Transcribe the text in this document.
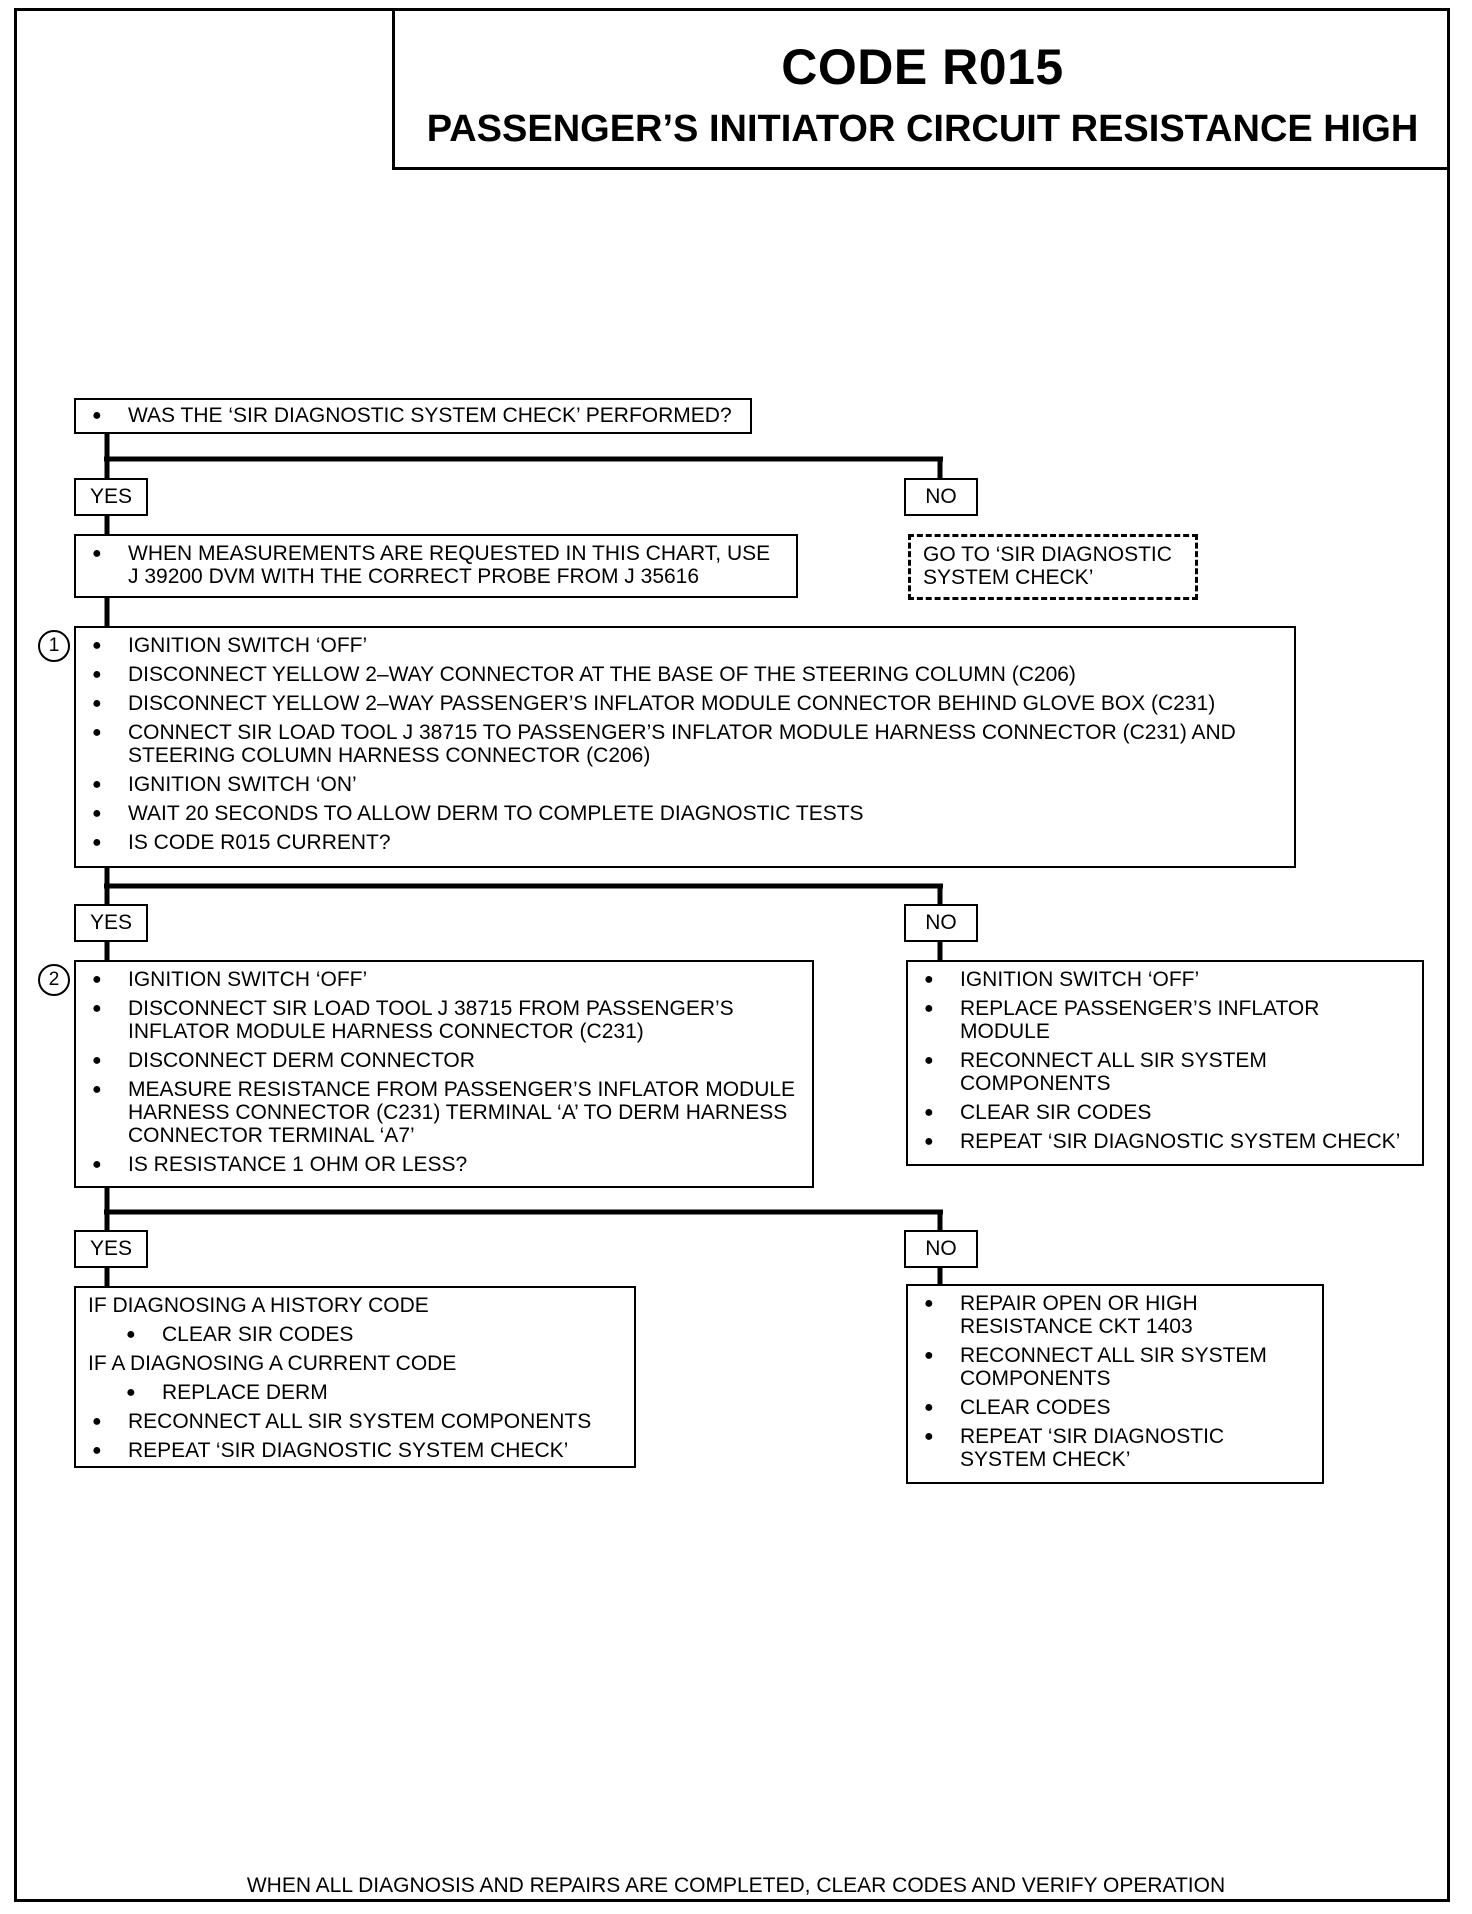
CODE R015
PASSENGER’S INITIATOR CIRCUIT RESISTANCE HIGH
● WAS THE ‘SIR DIAGNOSTIC SYSTEM CHECK’ PERFORMED?
YES	NO
● WHEN MEASUREMENTS ARE REQUESTED IN THIS CHART, USE J 39200 DVM WITH THE CORRECT PROBE FROM J 35616
GO TO ‘SIR DIAGNOSTIC SYSTEM CHECK’
1	● IGNITION SWITCH ‘OFF’
● DISCONNECT YELLOW 2–WAY CONNECTOR AT THE BASE OF THE STEERING COLUMN (C206)
● DISCONNECT YELLOW 2–WAY PASSENGER’S INFLATOR MODULE CONNECTOR BEHIND GLOVE BOX (C231)
● CONNECT SIR LOAD TOOL J 38715 TO PASSENGER’S INFLATOR MODULE HARNESS CONNECTOR (C231) AND STEERING COLUMN HARNESS CONNECTOR (C206)
● IGNITION SWITCH ‘ON’
● WAIT 20 SECONDS TO ALLOW DERM TO COMPLETE DIAGNOSTIC TESTS
● IS CODE R015 CURRENT?
YES	NO
2	● IGNITION SWITCH ‘OFF’
● DISCONNECT SIR LOAD TOOL J 38715 FROM PASSENGER’S INFLATOR MODULE HARNESS CONNECTOR (C231)
● DISCONNECT DERM CONNECTOR
● MEASURE RESISTANCE FROM PASSENGER’S INFLATOR MODULE HARNESS CONNECTOR (C231) TERMINAL ‘A’ TO DERM HARNESS CONNECTOR TERMINAL ‘A7’
● IS RESISTANCE 1 OHM OR LESS?
● IGNITION SWITCH ‘OFF’
● REPLACE PASSENGER’S INFLATOR MODULE
● RECONNECT ALL SIR SYSTEM COMPONENTS
● CLEAR SIR CODES
● REPEAT ‘SIR DIAGNOSTIC SYSTEM CHECK’
YES	NO
IF DIAGNOSING A HISTORY CODE
● CLEAR SIR CODES
IF A DIAGNOSING A CURRENT CODE
● REPLACE DERM
● RECONNECT ALL SIR SYSTEM COMPONENTS
● REPEAT ‘SIR DIAGNOSTIC SYSTEM CHECK’
● REPAIR OPEN OR HIGH RESISTANCE CKT 1403
● RECONNECT ALL SIR SYSTEM COMPONENTS
● CLEAR CODES
● REPEAT ‘SIR DIAGNOSTIC SYSTEM CHECK’
WHEN ALL DIAGNOSIS AND REPAIRS ARE COMPLETED, CLEAR CODES AND VERIFY OPERATION
